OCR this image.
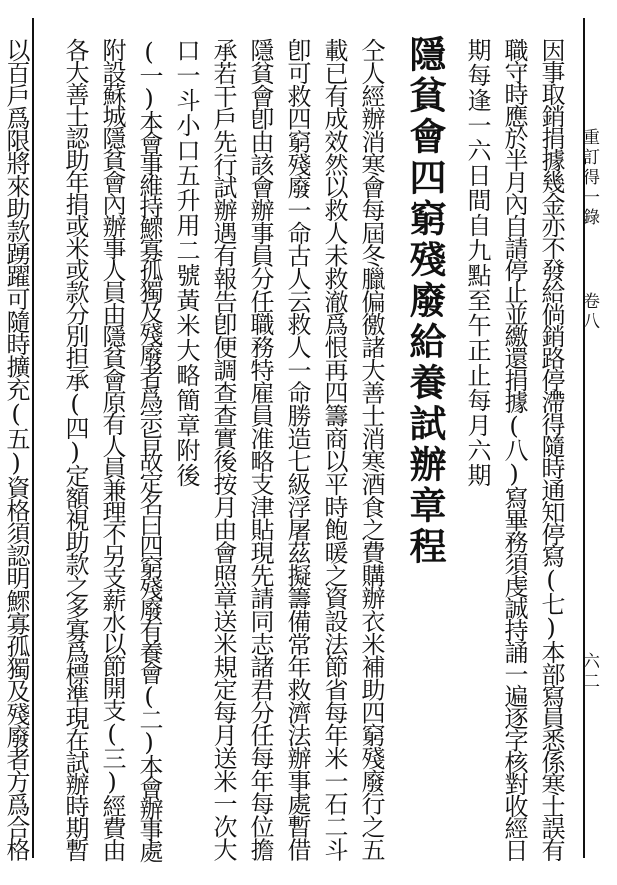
重訂得一錄
卷八
六二
因事取銷捐據幾金亦不發給倘銷路停滯得隨時通知停寫(七)本部寫員悉係寒士誤有
職守時應於半月內自請停止並繳還捐據(八)寫畢務須虔誠持誦一遍逐字核對收經日
期每逢一六日間自九點至午正止每月六期
隱貧會四窮殘廢給養試辦章程
仝人經辦消寒會每屆冬臘偏徼諸大善士消寒酒食之費購辦衣米補助四窮殘廢行之五
載已有成效然以救人未救澈爲恨再四籌商以平時飽暖之資設法節省每年米一石二斗
卽可救四窮殘廢一命古人云救人一命勝造七級浮屠茲擬籌備常年救濟法辦事處暫借
隱貧會卽由該會辦事員分任職務特雇員准略支津貼現先請同志諸君分任每年每位擔
承若干戶先行試辦遇有報告卽便調查查實後按月由會照章送米規定每月送米一次大
口一斗小口五升用二號黃米大略簡章附後
(一)本會事維持鰥寡孤獨及殘廢者爲宗旨故定名曰四窮殘廢有養會(二)本會辦事處
附設蘇城隱貧會內辦事人員由隱貧會原有人員兼理不另支薪水以節開支(三)經費由
各大善士認助年捐或米或款分別担承(四)定額視助款之多寡爲標準現在試辦時期暫
以百戶爲限將來助款踴躍可隨時擴充(五)資格須認明鰥寡孤獨及殘廢者方爲合格
